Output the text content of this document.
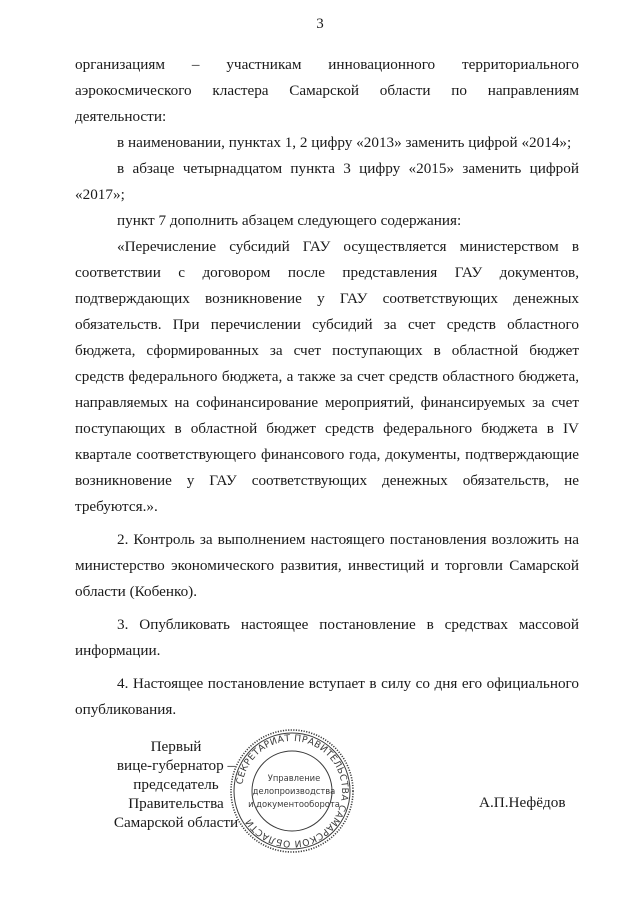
3

организациям – участникам инновационного территориального аэрокосмического кластера Самарской области по направлениям деятельности:

в наименовании, пунктах 1, 2 цифру «2013» заменить цифрой «2014»;

в абзаце четырнадцатом пункта 3 цифру «2015» заменить цифрой «2017»;

пункт 7 дополнить абзацем следующего содержания:

«Перечисление субсидий ГАУ осуществляется министерством в соответствии с договором после представления ГАУ документов, подтверждающих возникновение у ГАУ соответствующих денежных обязательств. При перечислении субсидий за счет средств областного бюджета, сформированных за счет поступающих в областной бюджет средств федерального бюджета, а также за счет средств областного бюджета, направляемых на софинансирование мероприятий, финансируемых за счет поступающих в областной бюджет средств федерального бюджета в IV квартале соответствующего финансового года, документы, подтверждающие возникновение у ГАУ соответствующих денежных обязательств, не требуются.».

2. Контроль за выполнением настоящего постановления возложить на министерство экономического развития, инвестиций и торговли Самарской области (Кобенко).

3. Опубликовать настоящее постановление в средствах массовой информации.

4. Настоящее постановление вступает в силу со дня его официального опубликования.

Первый
вице-губернатор –
председатель Правительства
Самарской области
СЕКРЕТАРИАТ ПРАВИТЕЛЬСТВА САМАРСКОЙ ОБЛАСТИ
Управление
делопроизводства
и документооборота	А.П.Нефёдов
